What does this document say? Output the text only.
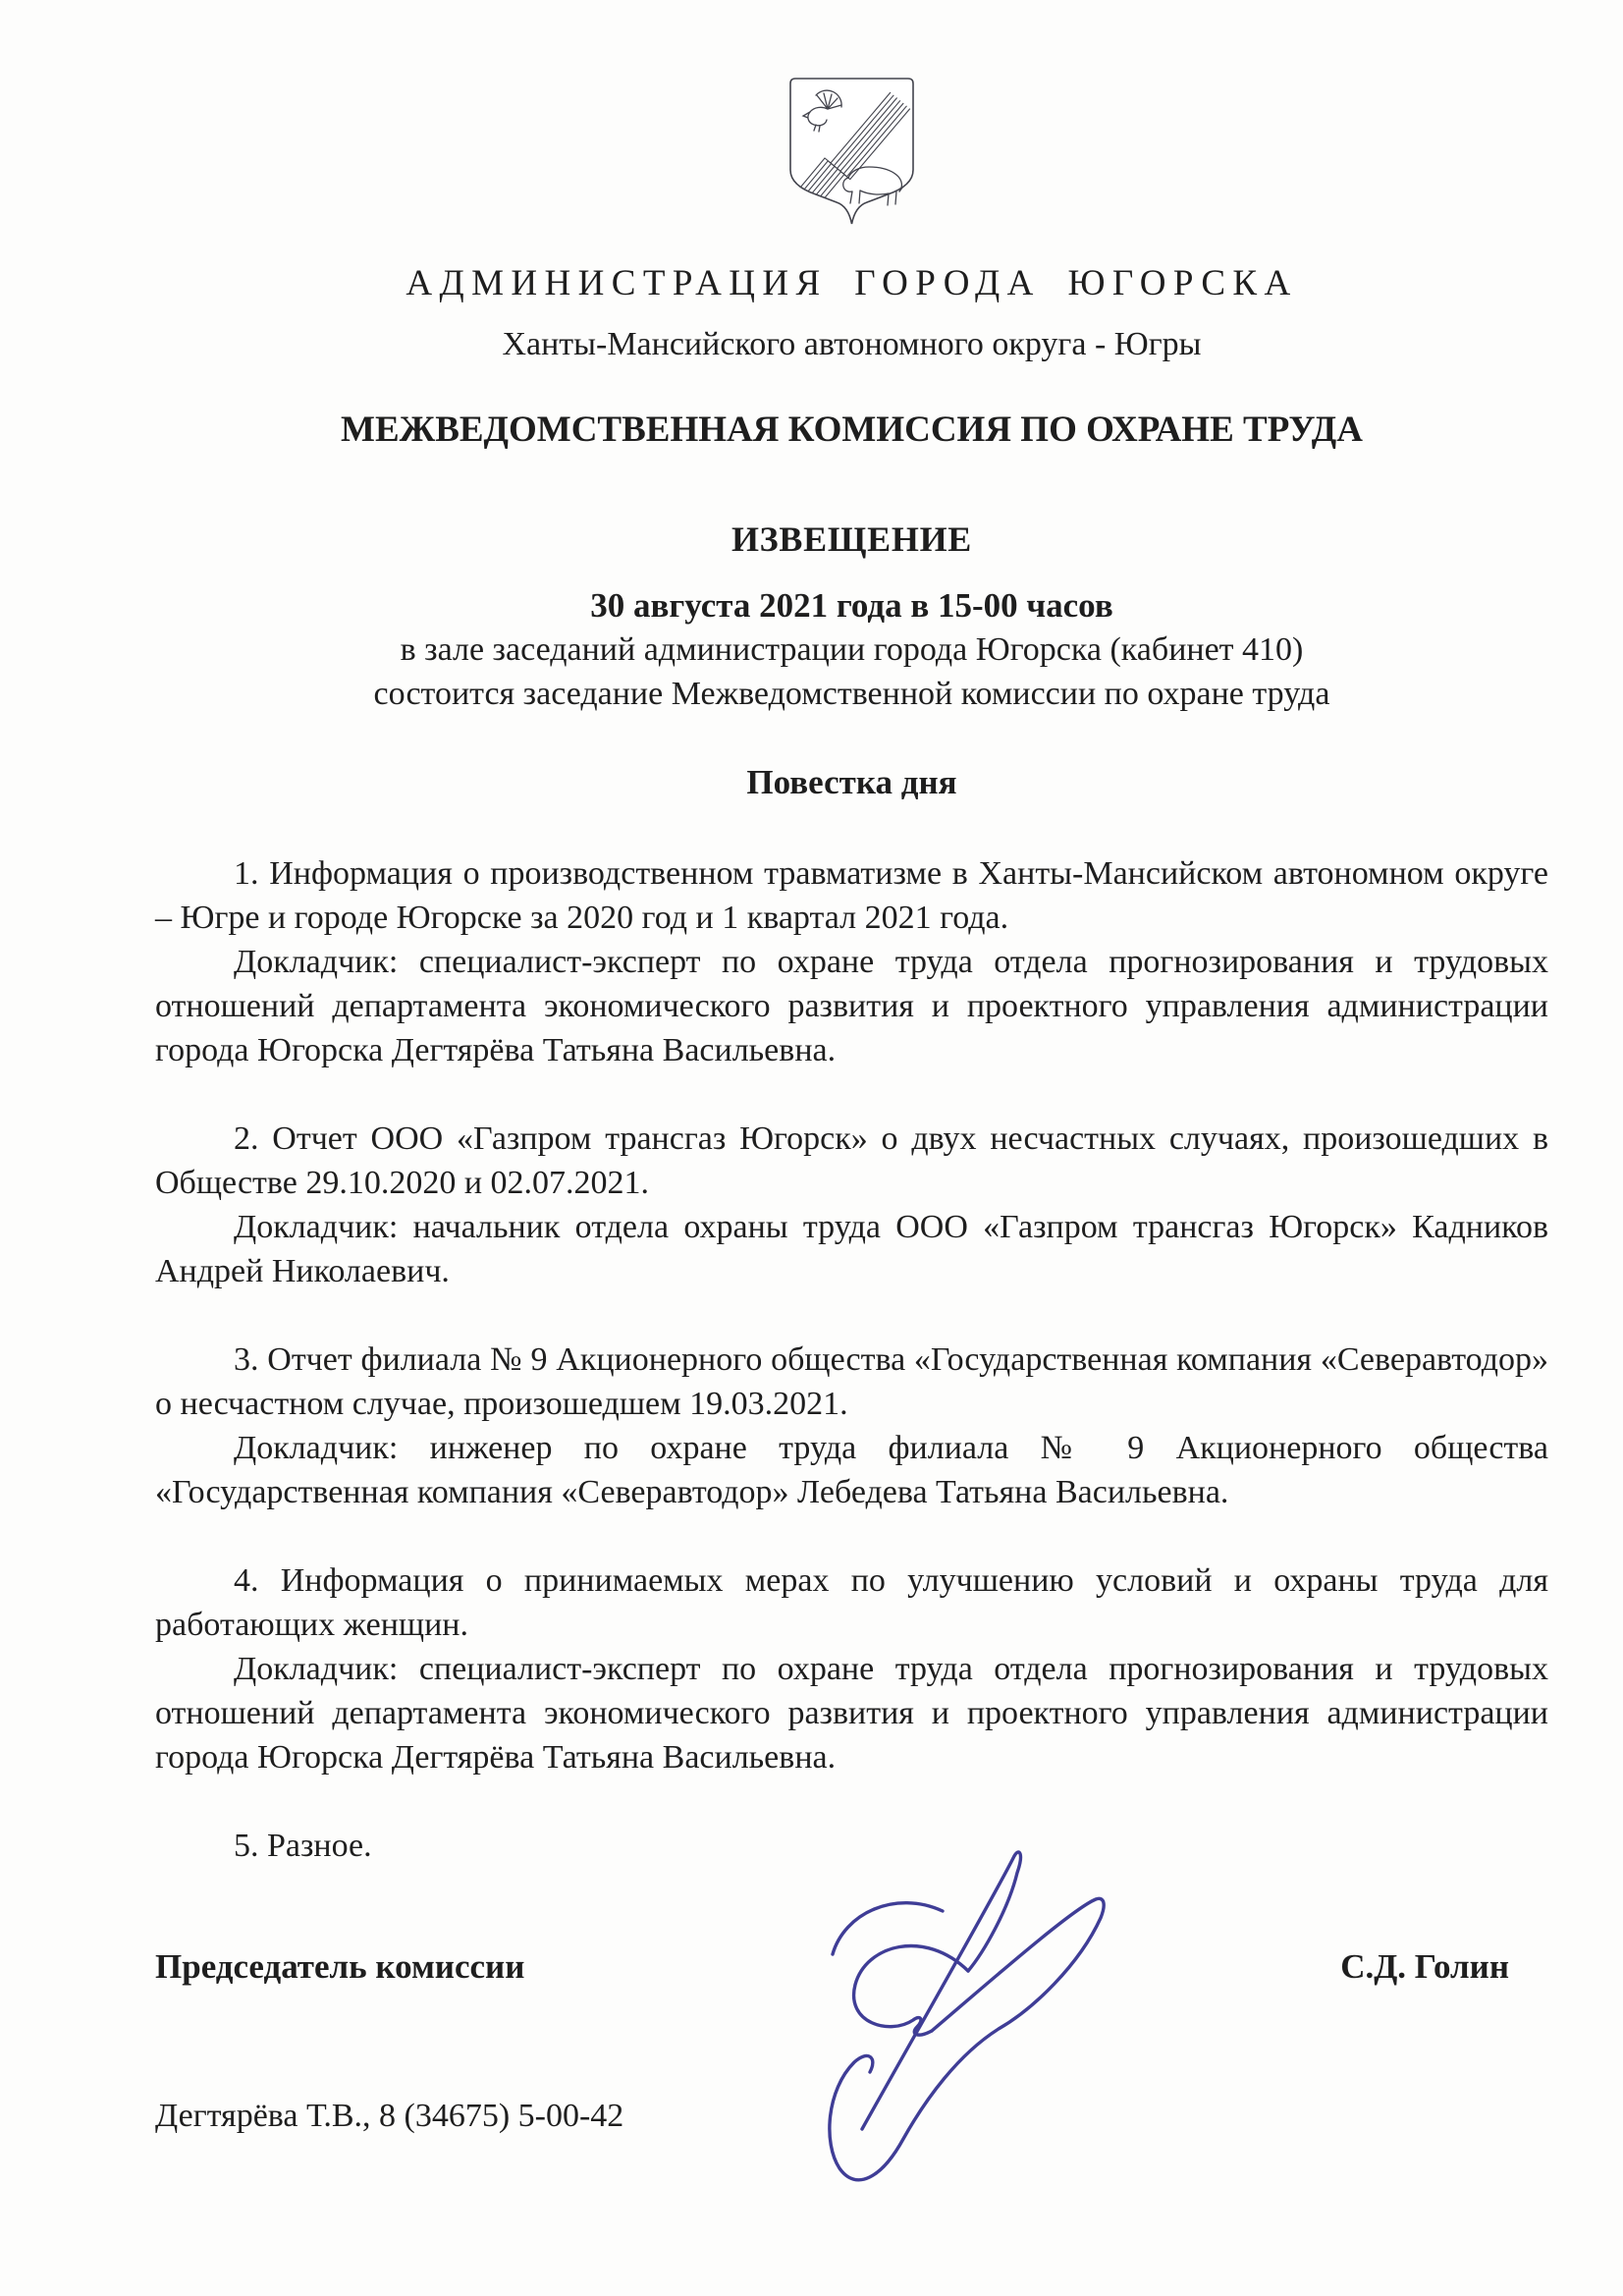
АДМИНИСТРАЦИЯ ГОРОДА ЮГОРСКА
Ханты-Мансийского автономного округа - Югры
МЕЖВЕДОМСТВЕННАЯ КОМИССИЯ ПО ОХРАНЕ ТРУДА
ИЗВЕЩЕНИЕ
30 августа 2021 года в 15-00 часов
в зале заседаний администрации города Югорска (кабинет 410)
состоится заседание Межведомственной комиссии по охране труда
Повестка дня

1. Информация о производственном травматизме в Ханты-Мансийском автономном округе – Югре и городе Югорске за 2020 год и 1 квартал 2021 года.

Докладчик: специалист-эксперт по охране труда отдела прогнозирования и трудовых отношений департамента экономического развития и проектного управления администрации города Югорска Дегтярёва Татьяна Васильевна.

2. Отчет ООО «Газпром трансгаз Югорск» о двух несчастных случаях, произошедших в Обществе 29.10.2020 и 02.07.2021.

Докладчик: начальник отдела охраны труда ООО «Газпром трансгаз Югорск» Кадников Андрей Николаевич.

3. Отчет филиала № 9 Акционерного общества «Государственная компания «Северавтодор» о несчастном случае, произошедшем 19.03.2021.

Докладчик: инженер по охране труда филиала № 9 Акционерного общества «Государственная компания «Северавтодор» Лебедева Татьяна Васильевна.

4. Информация о принимаемых мерах по улучшению условий и охраны труда для работающих женщин.

Докладчик: специалист-эксперт по охране труда отдела прогнозирования и трудовых отношений департамента экономического развития и проектного управления администрации города Югорска Дегтярёва Татьяна Васильевна.

5. Разное.

Председатель комиссии	С.Д. Голин
Дегтярёва Т.В., 8 (34675) 5-00-42
